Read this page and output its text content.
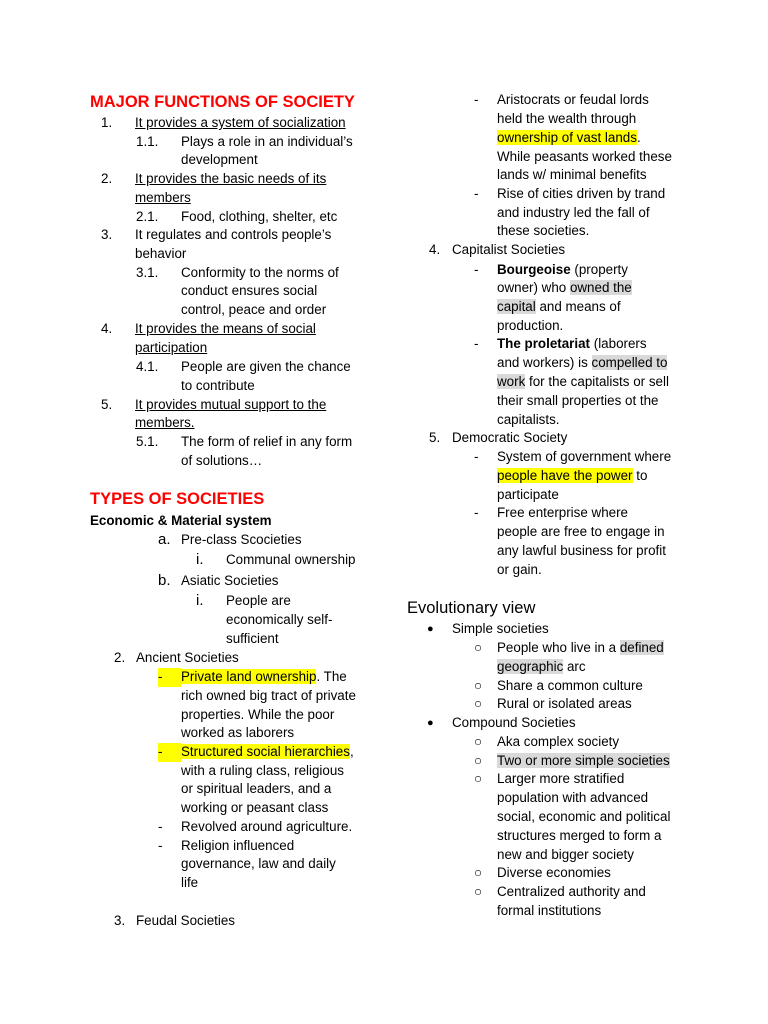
MAJOR FUNCTIONS OF SOCIETY
1. It provides a system of socialization
1.1. Plays a role in an individual’s
development
2. It provides the basic needs of its
members
2.1. Food, clothing, shelter, etc
3. It regulates and controls people’s
behavior
3.1. Conformity to the norms of
conduct ensures social
control, peace and order
4. It provides the means of social
participation
4.1. People are given the chance
to contribute
5. It provides mutual support to the
members.
5.1. The form of relief in any form
of solutions…
TYPES OF SOCIETIES
Economic & Material system
a. Pre-class Scocieties
i. Communal ownership
b. Asiatic Societies
i. People are
economically self-
sufficient
2. Ancient Societies
-	Private land ownership. The
rich owned big tract of private
properties. While the poor
worked as laborers
-	Structured social hierarchies,
with a ruling class, religious
or spiritual leaders, and a
working or peasant class
- Revolved around agriculture.
- Religion influenced
governance, law and daily
life
3. Feudal Societies
- Aristocrats or feudal lords
held the wealth through
ownership of vast lands.
While peasants worked these
lands w/ minimal benefits
- Rise of cities driven by trand
and industry led the fall of
these societies.
4. Capitalist Societies
- Bourgeoise (property
owner) who owned the
capital and means of
production.
- The proletariat (laborers
and workers) is compelled to
work for the capitalists or sell
their small properties ot the
capitalists.
5. Democratic Society
- System of government where
people have the power to
participate
- Free enterprise where
people are free to engage in
any lawful business for profit
or gain.
Evolutionary view
● Simple societies
○ People who live in a defined
geographic arc
○ Share a common culture
○ Rural or isolated areas
● Compound Societies
○ Aka complex society
○ Two or more simple societies
○ Larger more stratified
population with advanced
social, economic and political
structures merged to form a
new and bigger society
○ Diverse economies
○ Centralized authority and
formal institutions
